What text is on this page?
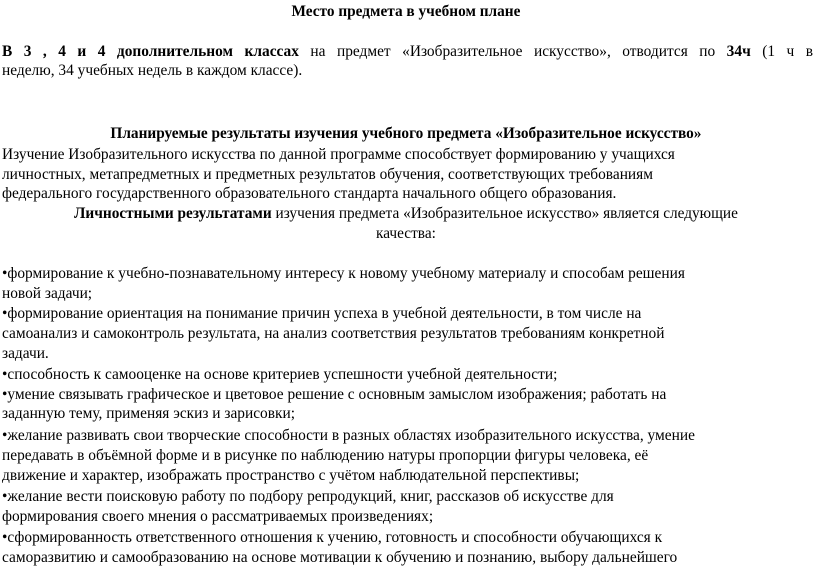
Место предмета в учебном плане
В 3 , 4 и 4 дополнительном классах на предмет «Изобразительное искусство», отводится по 34ч (1 ч в
неделю, 34 учебных недель в каждом классе).
Планируемые результаты изучения учебного предмета «Изобразительное искусство»
Изучение Изобразительного искусства по данной программе способствует формированию у учащихся
личностных, метапредметных и предметных результатов обучения, соответствующих требованиям
федерального государственного образовательного стандарта начального общего образования.
Личностными результатами изучения предмета «Изобразительное искусство» является следующие
качества:
•формирование к учебно-познавательному интересу к новому учебному материалу и способам решения
новой задачи;
•формирование ориентация на понимание причин успеха в учебной деятельности, в том числе на
самоанализ и самоконтроль результата, на анализ соответствия результатов требованиям конкретной
задачи.
•способность к самооценке на основе критериев успешности учебной деятельности;
•умение связывать графическое и цветовое решение с основным замыслом изображения; работать на
заданную тему, применяя эскиз и зарисовки;
•желание развивать свои творческие способности в разных областях изобразительного искусства, умение
передавать в объёмной форме и в рисунке по наблюдению натуры пропорции фигуры человека, её
движение и характер, изображать пространство с учётом наблюдательной перспективы;
•желание вести поисковую работу по подбору репродукций, книг, рассказов об искусстве для
формирования своего мнения о рассматриваемых произведениях;
•сформированность ответственного отношения к учению, готовность и способности обучающихся к
саморазвитию и самообразованию на основе мотивации к обучению и познанию, выбору дальнейшего
